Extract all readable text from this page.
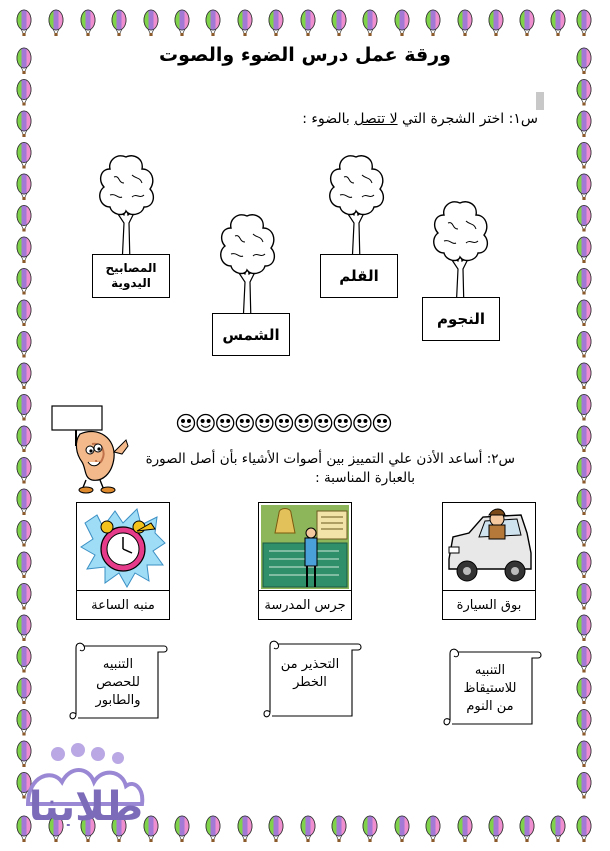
ورقة عمل درس الضوء والصوت
س١: اختر الشجرة التي لا تتصل بالضوء :
المصابيح
اليدوية
الشمس
القلم
النجوم
س٢: أساعد الأذن علي التمييز بين أصوات الأشياء بأن أصل الصورة
بالعبارة المناسبة :
منبه الساعة	جرس المدرسة	بوق السيارة
التنبيه
للحصص
والطابور
التحذير من
الخطر
التنبيه
للاستيقاظ
من النوم
طلابنا
